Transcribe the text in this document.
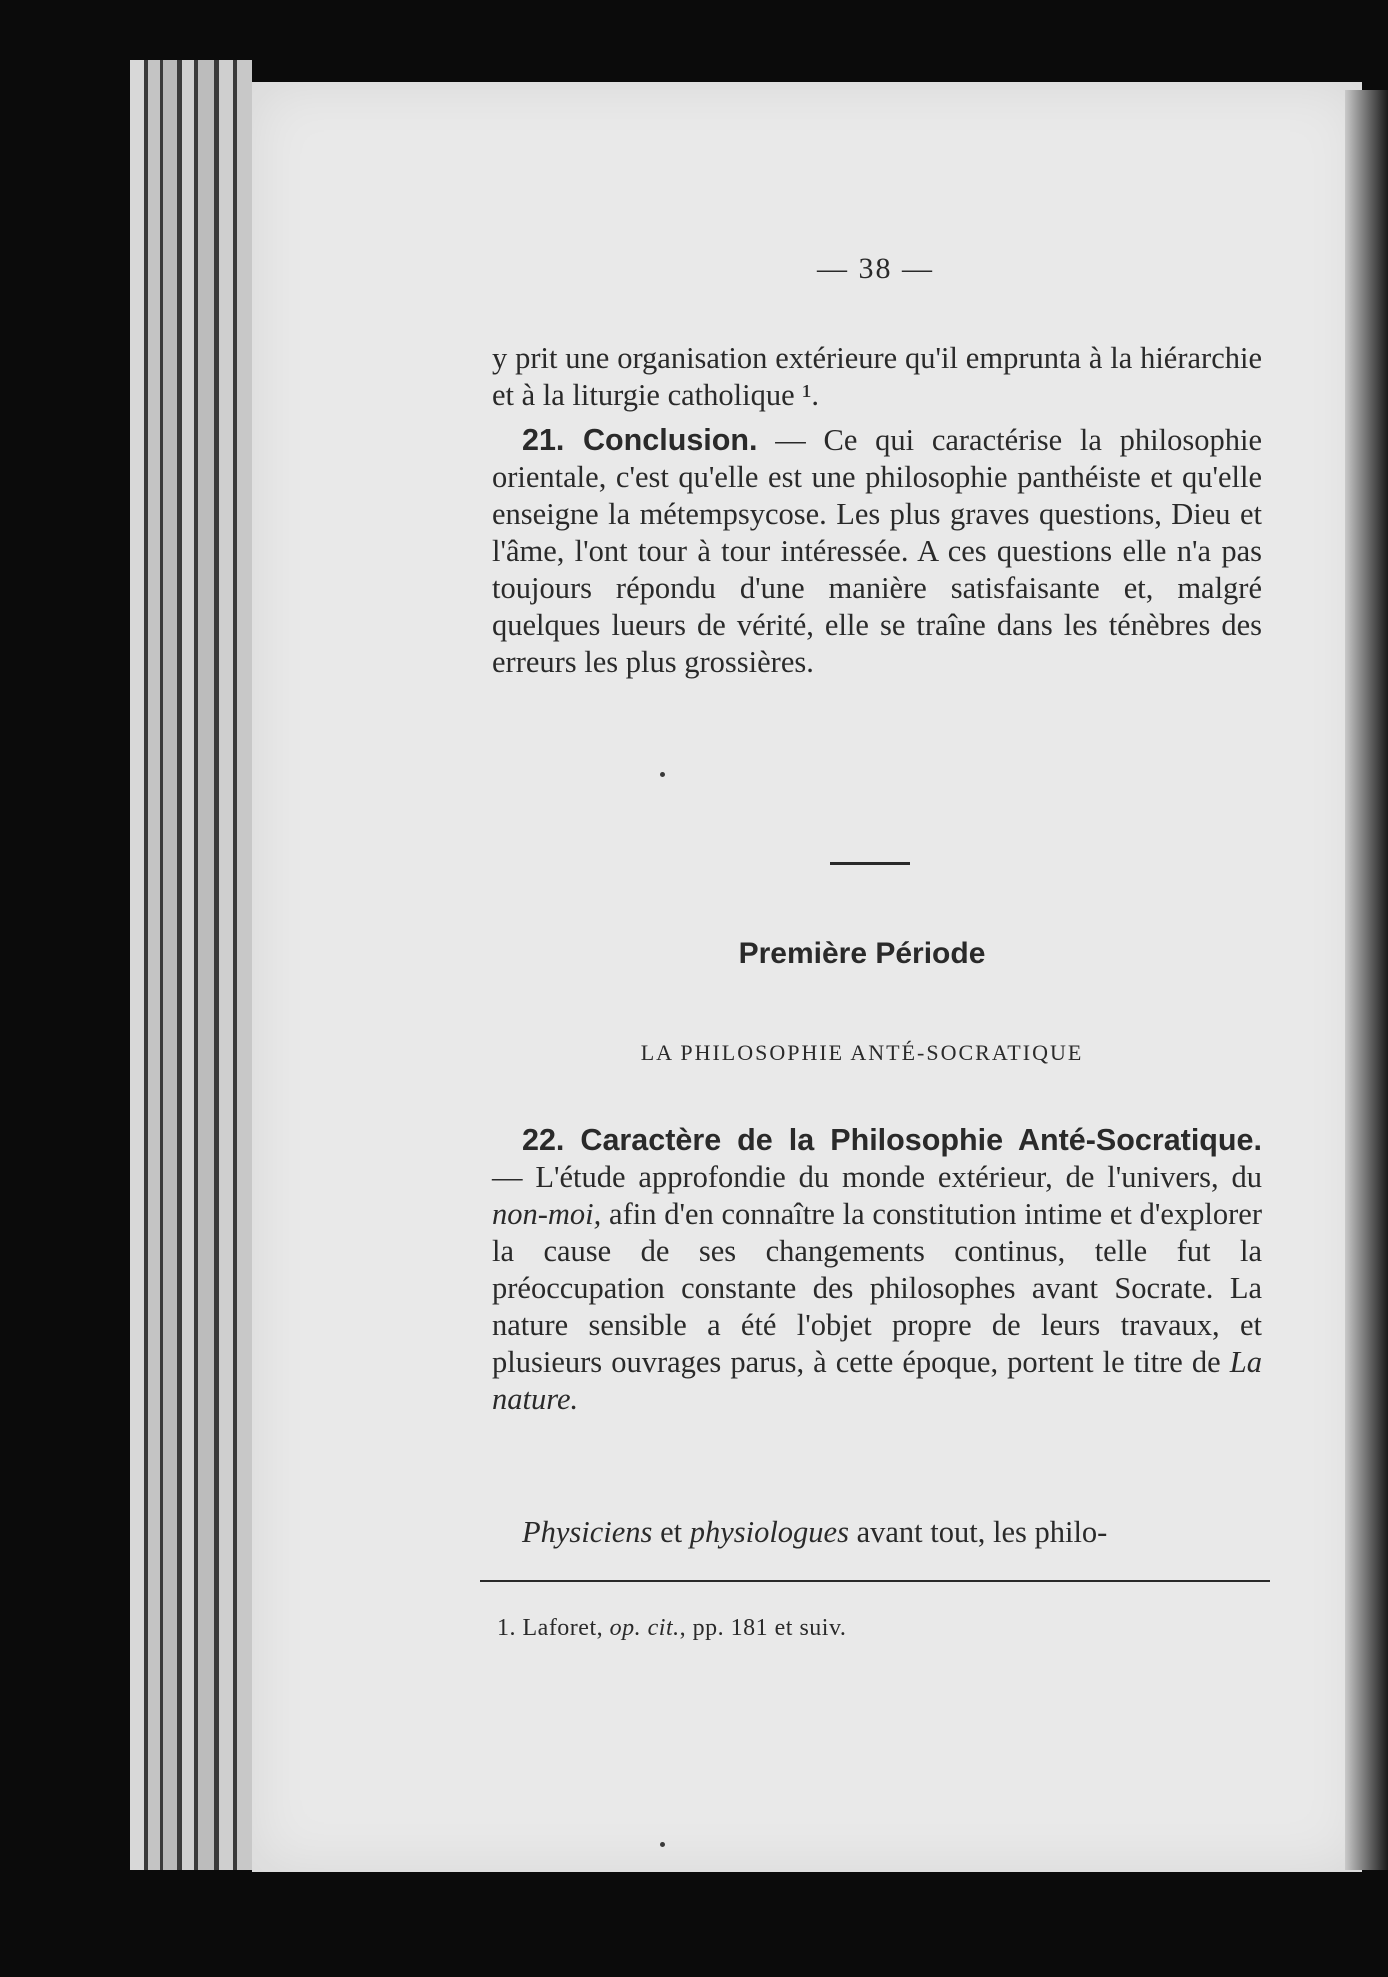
— 38 —

y prit une organisation extérieure qu'il emprunta à la hiérarchie et à la liturgie catholique ¹.

21. Conclusion. — Ce qui caractérise la philosophie orientale, c'est qu'elle est une philosophie panthéiste et qu'elle enseigne la métempsycose. Les plus graves questions, Dieu et l'âme, l'ont tour à tour intéressée. A ces questions elle n'a pas toujours répondu d'une manière satisfaisante et, malgré quelques lueurs de vérité, elle se traîne dans les ténèbres des erreurs les plus grossières.

Première Période
LA PHILOSOPHIE ANTÉ-SOCRATIQUE

22. Caractère de la Philosophie Anté-Socratique. — L'étude approfondie du monde extérieur, de l'univers, du non-moi, afin d'en connaître la constitution intime et d'explorer la cause de ses changements continus, telle fut la préoccupation constante des philosophes avant Socrate. La nature sensible a été l'objet propre de leurs travaux, et plusieurs ouvrages parus, à cette époque, portent le titre de La nature.

Physiciens et physiologues avant tout, les philo-

1. Laforet, op. cit., pp. 181 et suiv.
